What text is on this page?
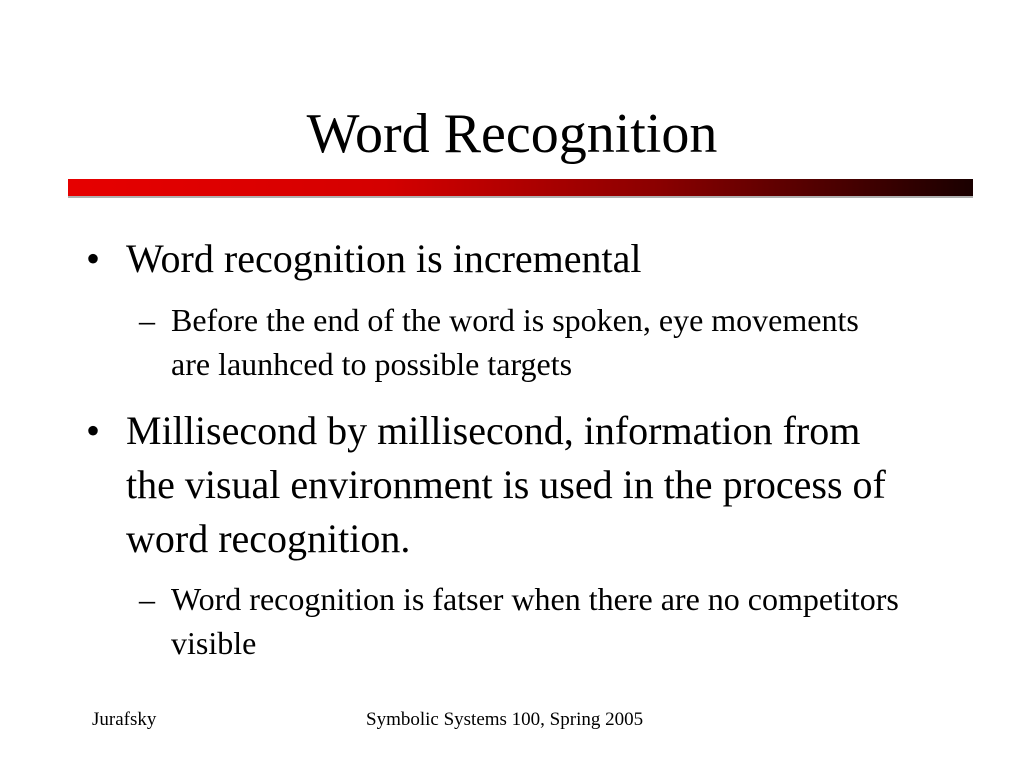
Word Recognition
• Word recognition is incremental
– Before the end of the word is spoken, eye movements are launhced to possible targets
• Millisecond by millisecond, information from the visual environment is used in the process of word recognition.
– Word recognition is fatser when there are no competitors visible
Jurafsky	Symbolic Systems 100, Spring 2005
